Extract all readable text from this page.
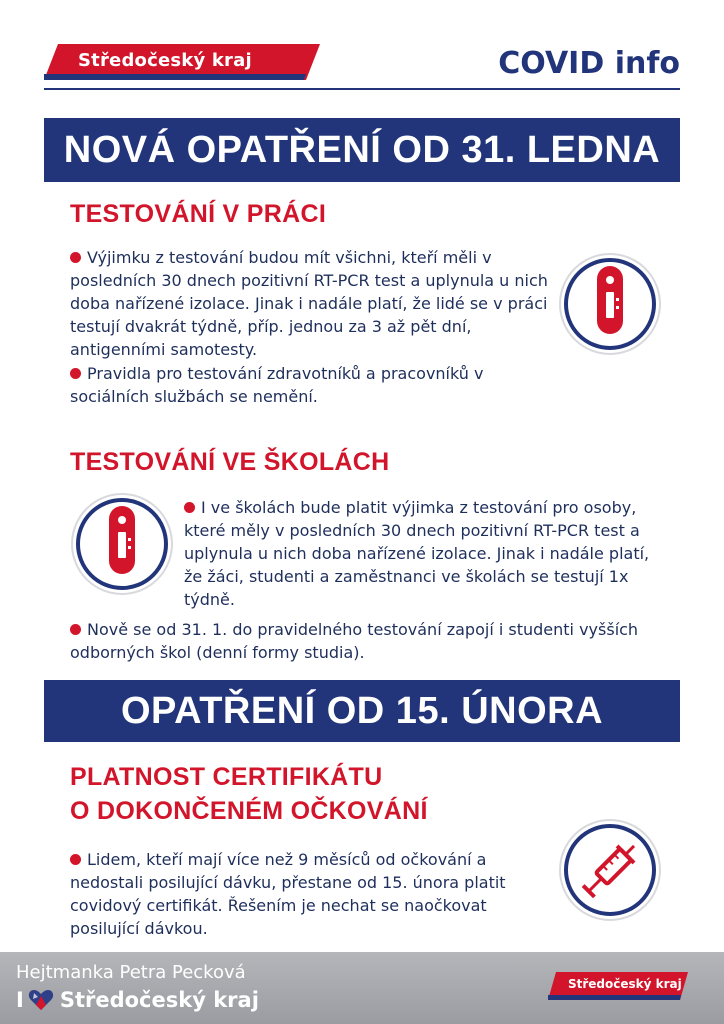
Středočeský kraj	COVID info
NOVÁ OPATŘENÍ OD 31. LEDNA
TESTOVÁNÍ V PRÁCI
Výjimku z testování budou mít všichni, kteří měli v posledních 30 dnech pozitivní RT-PCR test a uplynula u nich doba nařízené izolace. Jinak i nadále platí, že lidé se v práci testují dvakrát týdně, příp. jednou za 3 až pět dní, antigenními samotesty.
Pravidla pro testování zdravotníků a pracovníků v sociálních službách se nemění.
TESTOVÁNÍ VE ŠKOLÁCH
I ve školách bude platit výjimka z testování pro osoby, které měly v posledních 30 dnech pozitivní RT-PCR test a uplynula u nich doba nařízené izolace. Jinak i nadále platí, že žáci, studenti a zaměstnanci ve školách se testují 1x týdně.
Nově se od 31. 1. do pravidelného testování zapojí i studenti vyšších odborných škol (denní formy studia).
OPATŘENÍ OD 15. ÚNORA
PLATNOST CERTIFIKÁTU
O DOKONČENÉM OČKOVÁNÍ
Lidem, kteří mají více než 9 měsíců od očkování a nedostali posilující dávku, přestane od 15. února platit covidový certifikát. Řešením je nechat se naočkovat posilující dávkou.
Hejtmanka Petra Pecková
I Středočeský kraj
Středočeský kraj
